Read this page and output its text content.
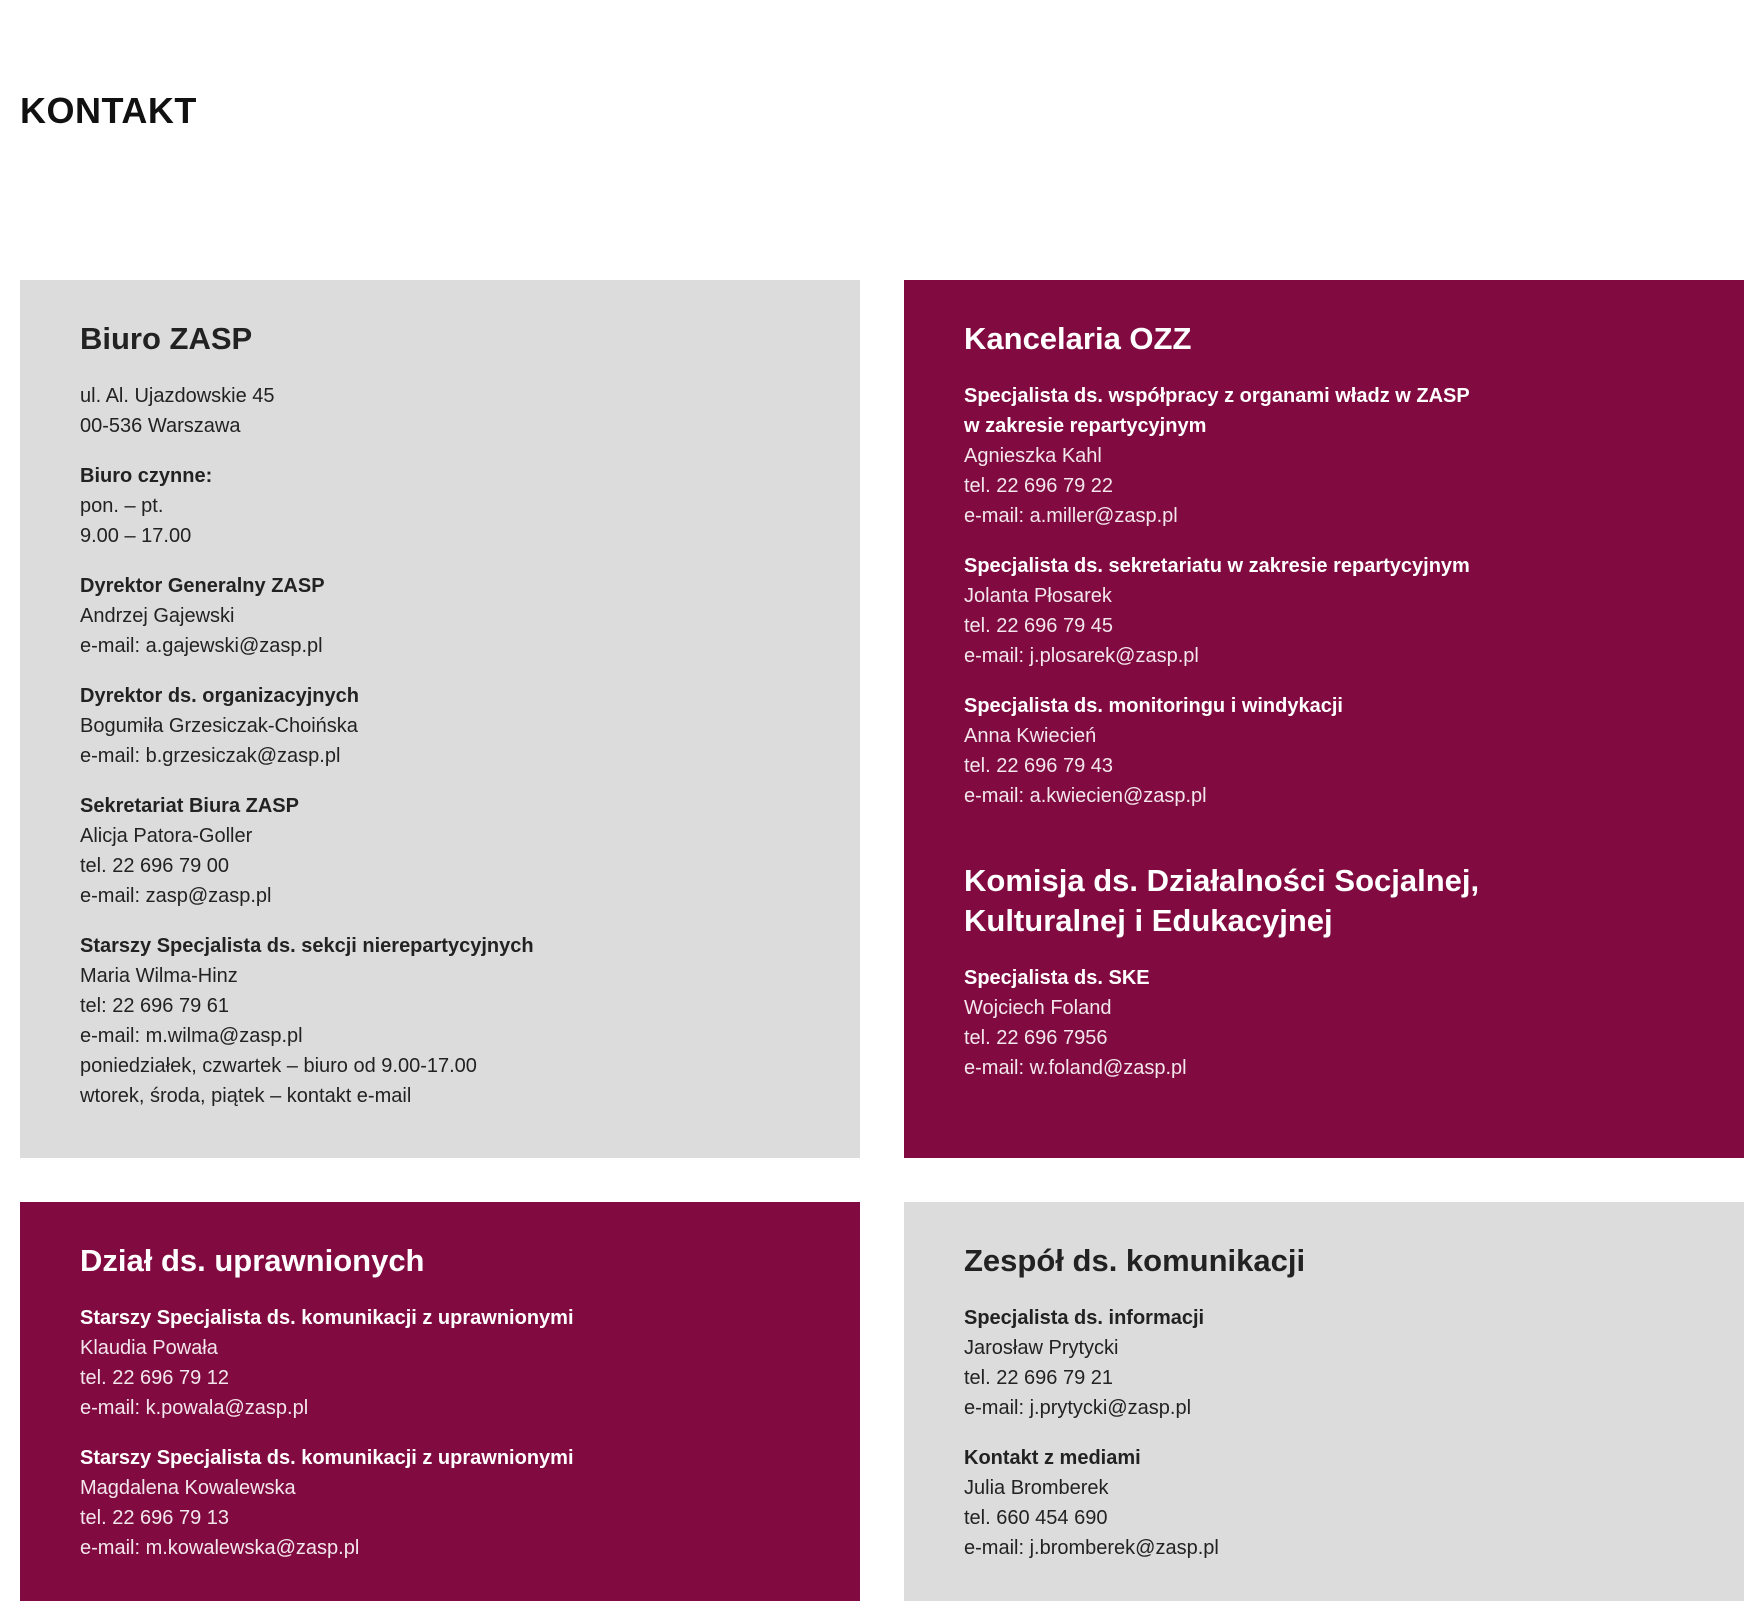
KONTAKT
Biuro ZASP
ul. Al. Ujazdowskie 45
00-536 Warszawa
Biuro czynne:
pon. – pt.
9.00 – 17.00
Dyrektor Generalny ZASP
Andrzej Gajewski
e-mail: a.gajewski@zasp.pl
Dyrektor ds. organizacyjnych
Bogumiła Grzesiczak-Choińska
e-mail: b.grzesiczak@zasp.pl
Sekretariat Biura ZASP
Alicja Patora-Goller
tel. 22 696 79 00
e-mail: zasp@zasp.pl
Starszy Specjalista ds. sekcji nierepartycyjnych
Maria Wilma-Hinz
tel: 22 696 79 61
e-mail: m.wilma@zasp.pl
poniedziałek, czwartek – biuro od 9.00-17.00
wtorek, środa, piątek – kontakt e-mail
Kancelaria OZZ
Specjalista ds. współpracy z organami władz w ZASP
w zakresie repartycyjnym
Agnieszka Kahl
tel. 22 696 79 22
e-mail: a.miller@zasp.pl
Specjalista ds. sekretariatu w zakresie repartycyjnym
Jolanta Płosarek
tel. 22 696 79 45
e-mail: j.plosarek@zasp.pl
Specjalista ds. monitoringu i windykacji
Anna Kwiecień
tel. 22 696 79 43
e-mail: a.kwiecien@zasp.pl
Komisja ds. Działalności Socjalnej,
Kulturalnej i Edukacyjnej
Specjalista ds. SKE
Wojciech Foland
tel. 22 696 7956
e-mail: w.foland@zasp.pl
Dział ds. uprawnionych
Starszy Specjalista ds. komunikacji z uprawnionymi
Klaudia Powała
tel. 22 696 79 12
e-mail: k.powala@zasp.pl
Starszy Specjalista ds. komunikacji z uprawnionymi
Magdalena Kowalewska
tel. 22 696 79 13
e-mail: m.kowalewska@zasp.pl
Zespół ds. komunikacji
Specjalista ds. informacji
Jarosław Prytycki
tel. 22 696 79 21
e-mail: j.prytycki@zasp.pl
Kontakt z mediami
Julia Bromberek
tel. 660 454 690
e-mail: j.bromberek@zasp.pl
